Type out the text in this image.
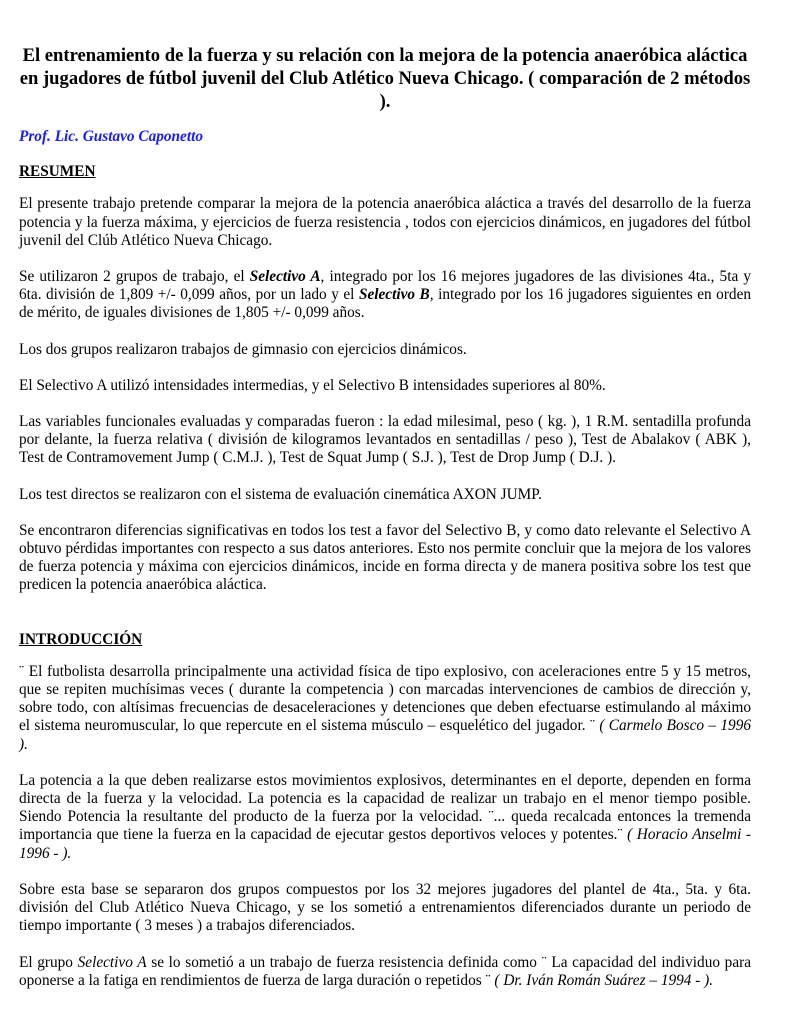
El entrenamiento de la fuerza y su relación con la mejora de la potencia anaeróbica aláctica en jugadores de fútbol juvenil del Club Atlético Nueva Chicago. ( comparación de 2 métodos ).
Prof. Lic. Gustavo Caponetto
RESUMEN

El presente trabajo pretende comparar la mejora de la potencia anaeróbica aláctica a través del desarrollo de la fuerza potencia y la fuerza máxima, y ejercicios de fuerza resistencia , todos con ejercicios dinámicos, en jugadores del fútbol juvenil del Clúb Atlético Nueva Chicago.

Se utilizaron 2 grupos de trabajo, el Selectivo A, integrado por los 16 mejores jugadores de las divisiones 4ta., 5ta y 6ta. división de 1,809 +/- 0,099 años, por un lado y el Selectivo B, integrado por los 16 jugadores siguientes en orden de mérito, de iguales divisiones de 1,805 +/- 0,099 años.

Los dos grupos realizaron trabajos de gimnasio con ejercicios dinámicos.

El Selectivo A utilizó intensidades intermedias, y el Selectivo B intensidades superiores al 80%.

Las variables funcionales evaluadas y comparadas fueron : la edad milesimal, peso ( kg. ), 1 R.M. sentadilla profunda por delante, la fuerza relativa ( división de kilogramos levantados en sentadillas / peso ), Test de Abalakov ( ABK ), Test de Contramovement Jump ( C.M.J. ), Test de Squat Jump ( S.J. ), Test de Drop Jump ( D.J. ).

Los test directos se realizaron con el sistema de evaluación cinemática AXON JUMP.

Se encontraron diferencias significativas en todos los test a favor del Selectivo B, y como dato relevante el Selectivo A obtuvo pérdidas importantes con respecto a sus datos anteriores. Esto nos permite concluir que la mejora de los valores de fuerza potencia y máxima con ejercicios dinámicos, incide en forma directa y de manera positiva sobre los test que predicen la potencia anaeróbica aláctica.

INTRODUCCIÓN

¨ El futbolista desarrolla principalmente una actividad física de tipo explosivo, con aceleraciones entre 5 y 15 metros, que se repiten muchísimas veces ( durante la competencia ) con marcadas intervenciones de cambios de dirección y, sobre todo, con altísimas frecuencias de desaceleraciones y detenciones que deben efectuarse estimulando al máximo el sistema neuromuscular, lo que repercute en el sistema músculo – esquelético del jugador. ¨ ( Carmelo Bosco – 1996 ).

La potencia a la que deben realizarse estos movimientos explosivos, determinantes en el deporte, dependen en forma directa de la fuerza y la velocidad. La potencia es la capacidad de realizar un trabajo en el menor tiempo posible. Siendo Potencia la resultante del producto de la fuerza por la velocidad. ¨... queda recalcada entonces la tremenda importancia que tiene la fuerza en la capacidad de ejecutar gestos deportivos veloces y potentes.¨ ( Horacio Anselmi - 1996 - ).

Sobre esta base se separaron dos grupos compuestos por los 32 mejores jugadores del plantel de 4ta., 5ta. y 6ta. división del Club Atlético Nueva Chicago, y se los sometió a entrenamientos diferenciados durante un periodo de tiempo importante ( 3 meses ) a trabajos diferenciados.

El grupo Selectivo A se lo sometió a un trabajo de fuerza resistencia definida como ¨ La capacidad del individuo para oponerse a la fatiga en rendimientos de fuerza de larga duración o repetidos ¨ ( Dr. Iván Román Suárez – 1994 - ).
